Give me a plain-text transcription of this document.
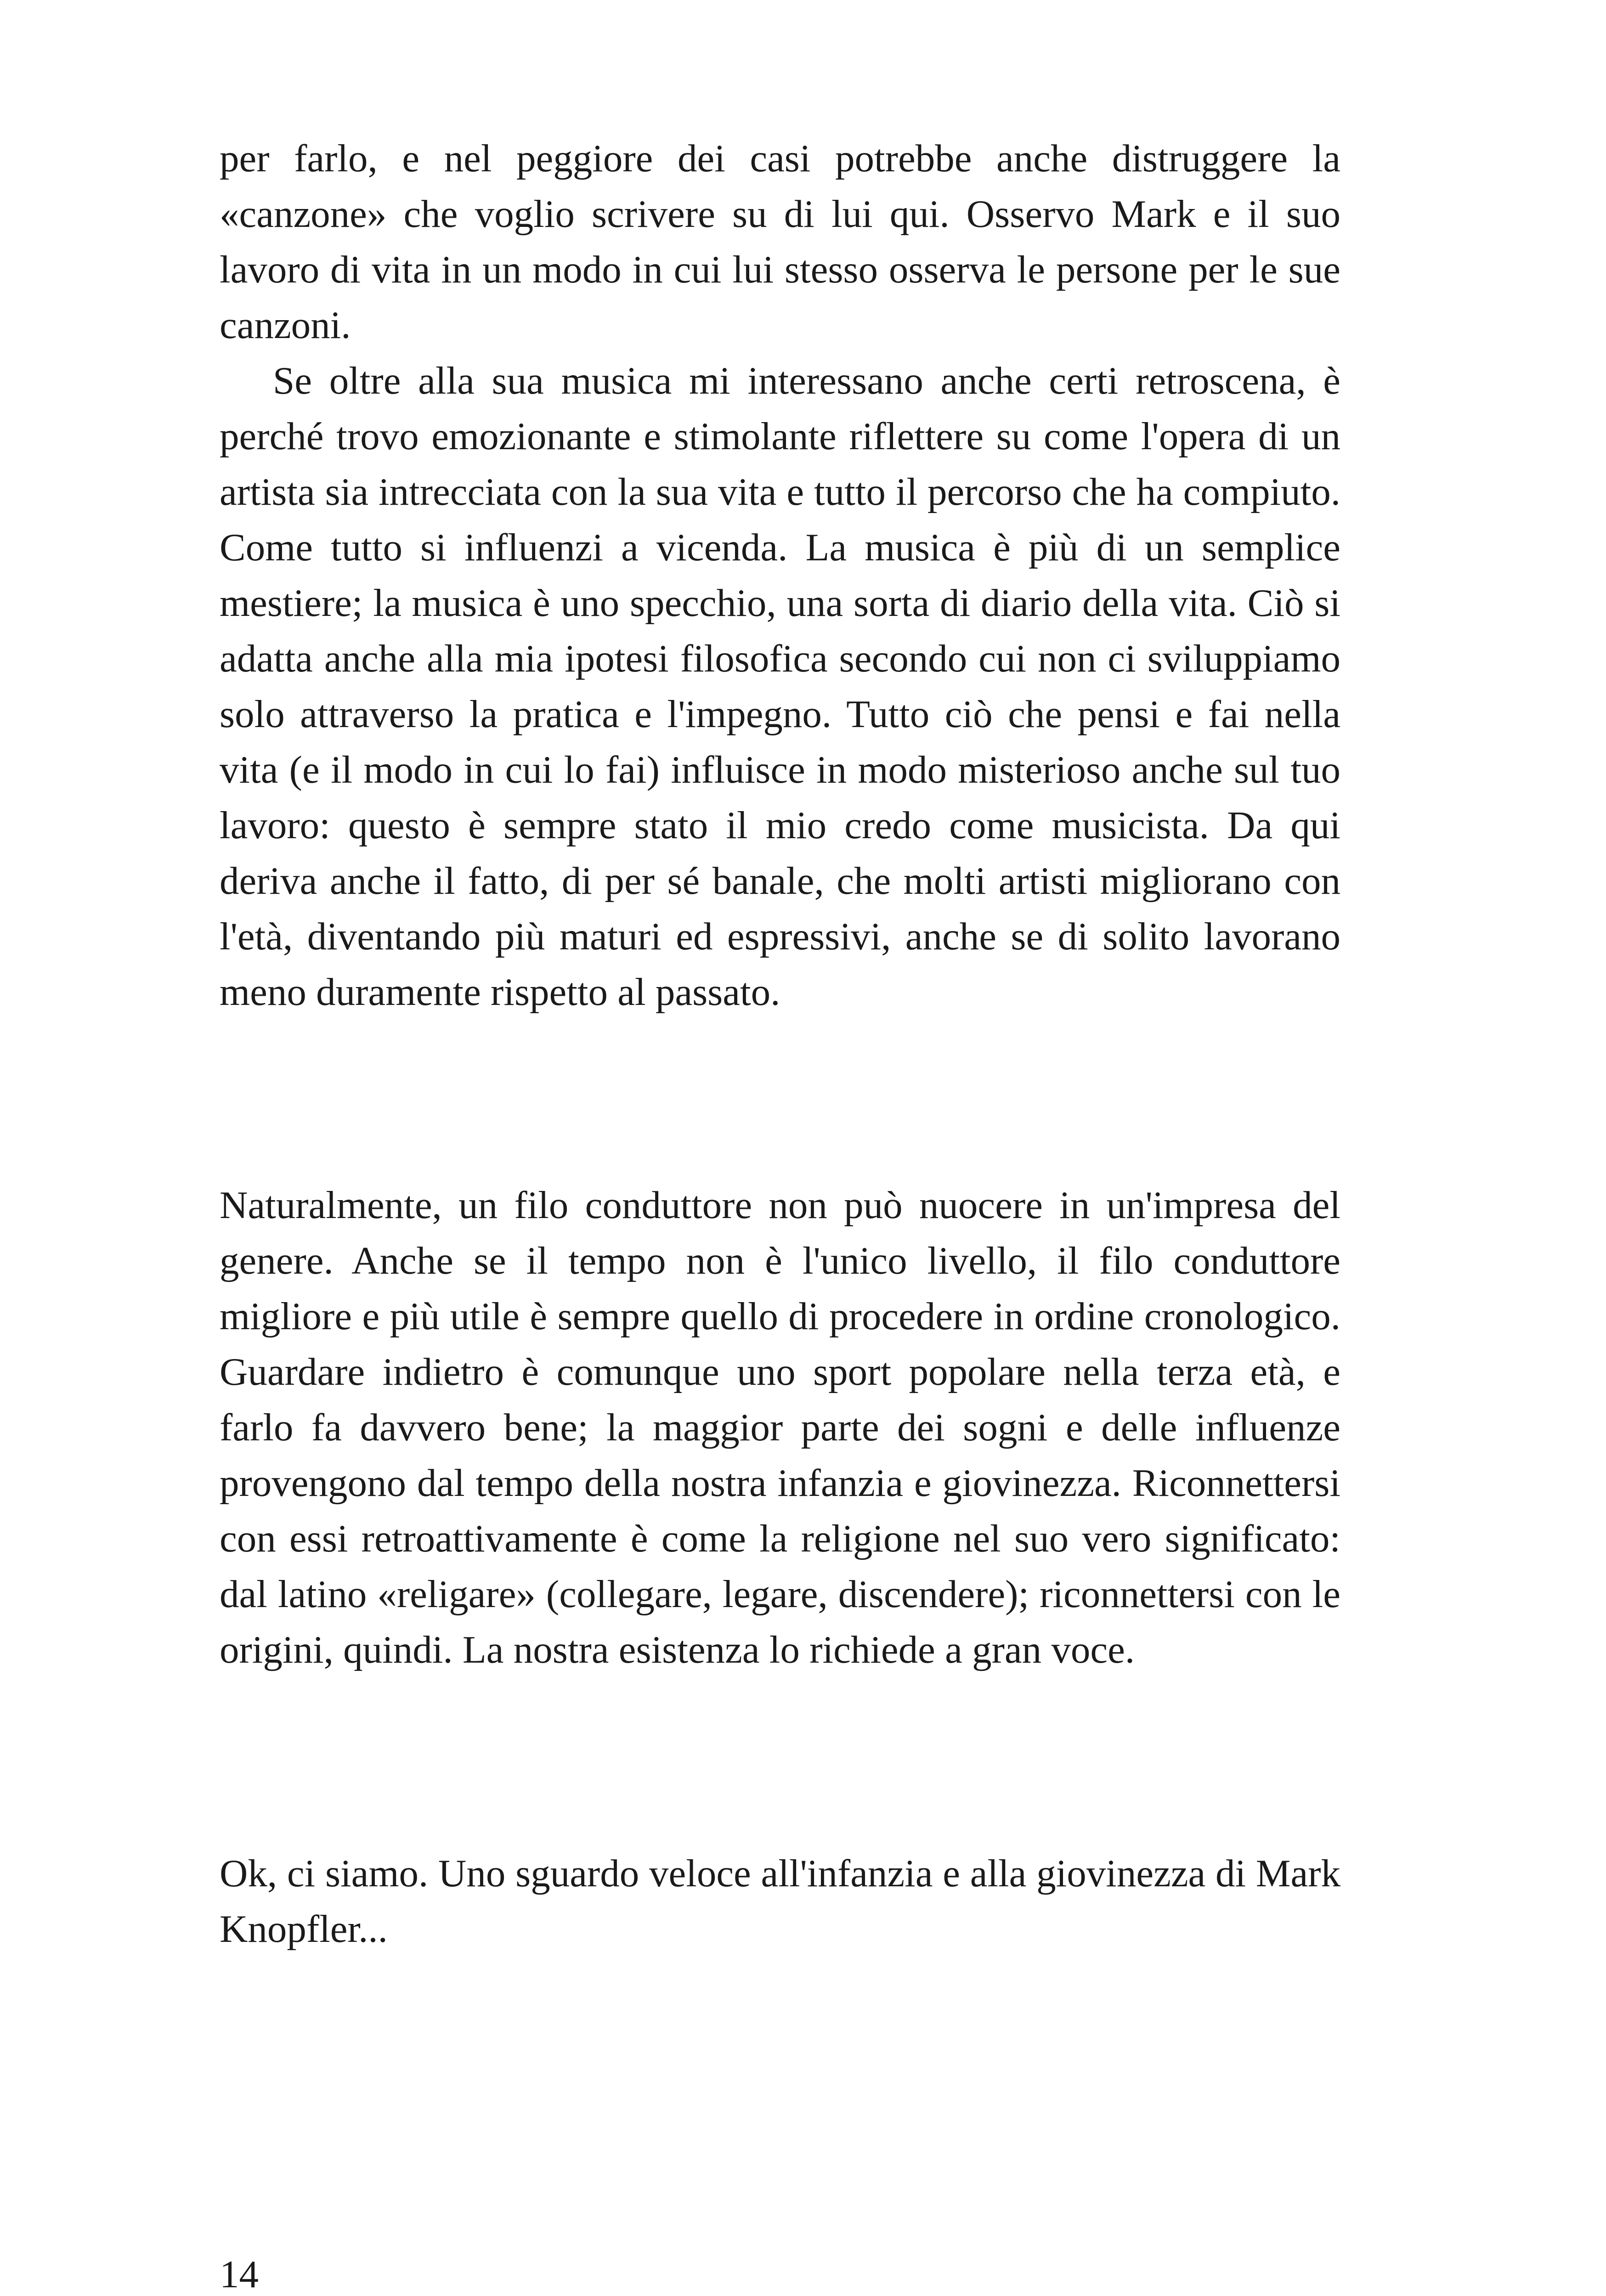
per farlo, e nel peggiore dei casi potrebbe anche distruggere la «canzone» che voglio scrivere su di lui qui. Osservo Mark e il suo lavoro di vita in un modo in cui lui stesso osserva le persone per le sue canzoni.

Se oltre alla sua musica mi interessano anche certi retroscena, è perché trovo emozionante e stimolante riflettere su come l'opera di un artista sia intrecciata con la sua vita e tutto il percorso che ha compiuto. Come tutto si influenzi a vicenda. La musica è più di un semplice mestiere; la musica è uno specchio, una sorta di diario della vita. Ciò si adatta anche alla mia ipotesi filosofica secondo cui non ci sviluppiamo solo attraverso la pratica e l'impegno. Tutto ciò che pensi e fai nella vita (e il modo in cui lo fai) influisce in modo misterioso anche sul tuo lavoro: questo è sempre stato il mio credo come musicista. Da qui deriva anche il fatto, di per sé banale, che molti artisti migliorano con l'età, diventando più maturi ed espressivi, anche se di solito lavorano meno duramente rispetto al passato.

Naturalmente, un filo conduttore non può nuocere in un'impresa del genere. Anche se il tempo non è l'unico livello, il filo conduttore migliore e più utile è sempre quello di procedere in ordine cronologico. Guardare indietro è comunque uno sport popolare nella terza età, e farlo fa davvero bene; la maggior parte dei sogni e delle influenze provengono dal tempo della nostra infanzia e giovinezza. Riconnettersi con essi retroattivamente è come la religione nel suo vero significato: dal latino «religare» (collegare, legare, discendere); riconnettersi con le origini, quindi. La nostra esistenza lo richiede a gran voce.

Ok, ci siamo. Uno sguardo veloce all'infanzia e alla giovinezza di Mark Knopfler...

14
